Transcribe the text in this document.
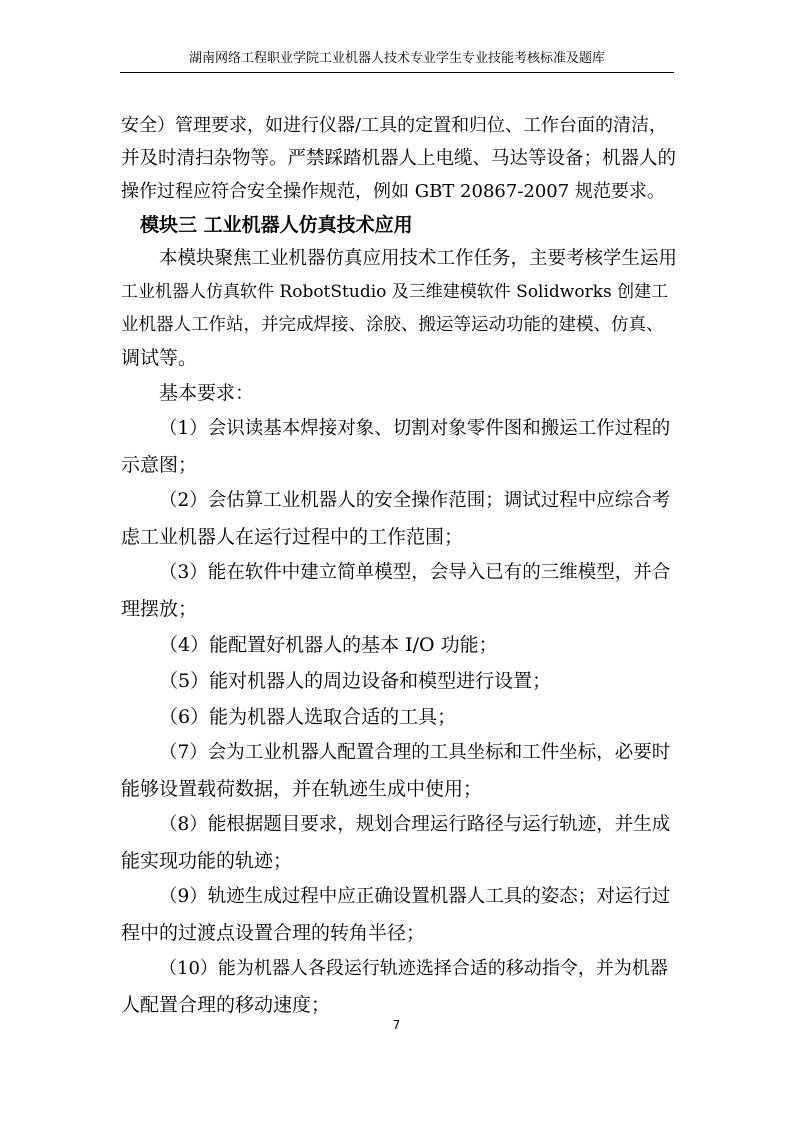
湖南网络工程职业学院工业机器人技术专业学生专业技能考核标准及题库
安全）管理要求，如进行仪器/工具的定置和归位、工作台面的清洁，
并及时清扫杂物等。严禁踩踏机器人上电缆、马达等设备；机器人的
操作过程应符合安全操作规范，例如 GBT 20867-2007 规范要求。
模块三 工业机器人仿真技术应用
本模块聚焦工业机器仿真应用技术工作任务，主要考核学生运用
工业机器人仿真软件 RobotStudio 及三维建模软件 Solidworks 创建工
业机器人工作站，并完成焊接、涂胶、搬运等运动功能的建模、仿真、
调试等。
基本要求：
（1）会识读基本焊接对象、切割对象零件图和搬运工作过程的
示意图；
（2）会估算工业机器人的安全操作范围；调试过程中应综合考
虑工业机器人在运行过程中的工作范围；
（3）能在软件中建立简单模型，会导入已有的三维模型，并合
理摆放；
（4）能配置好机器人的基本 I/O 功能；
（5）能对机器人的周边设备和模型进行设置；
（6）能为机器人选取合适的工具；
（7）会为工业机器人配置合理的工具坐标和工件坐标，必要时
能够设置载荷数据，并在轨迹生成中使用；
（8）能根据题目要求，规划合理运行路径与运行轨迹，并生成
能实现功能的轨迹；
（9）轨迹生成过程中应正确设置机器人工具的姿态；对运行过
程中的过渡点设置合理的转角半径；
（10）能为机器人各段运行轨迹选择合适的移动指令，并为机器
人配置合理的移动速度；
7
